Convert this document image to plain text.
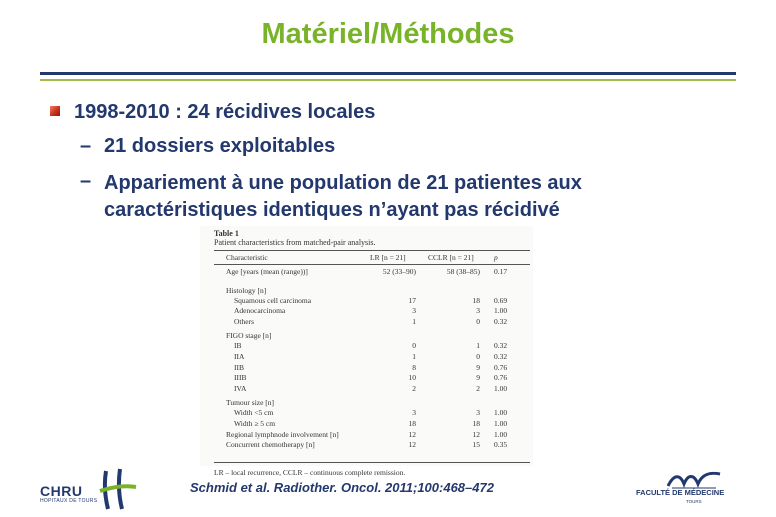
Matériel/Méthodes
1998-2010 : 24 récidives locales
– 21 dossiers exploitables
– Appariement à une population de 21 patientes aux caractéristiques identiques n’ayant pas récidivé
Table 1
Patient characteristics from matched-pair analysis.
Characteristic	LR [n = 21]	CCLR [n = 21]	p
Age [years (mean (range))]	52 (33–90)	58 (38–85) 0.17
Histology [n]
Squamous cell carcinoma	17	18 0.69
Adenocarcinoma	3	3 1.00
Others	1	0 0.32
FIGO stage [n]
IB	0	1 0.32
IIA	1	0 0.32
IIB	8	9 0.76
IIIB	10	9 0.76
IVA	2	2 1.00
Tumour size [n]
Width <5 cm	3	3 1.00
Width ≥ 5 cm	18	18 1.00
Regional lymphnode involvement [n]	12	12 1.00
Concurrent chemotherapy [n]	12	15 0.35
LR – local recurrence, CCLR – continuous complete remission.
Schmid et al. Radiother. Oncol. 2011;100:468–472
CHRU
HOPITAUX DE TOURS
FACULTÉ DE MÉDECINE
TOURS
